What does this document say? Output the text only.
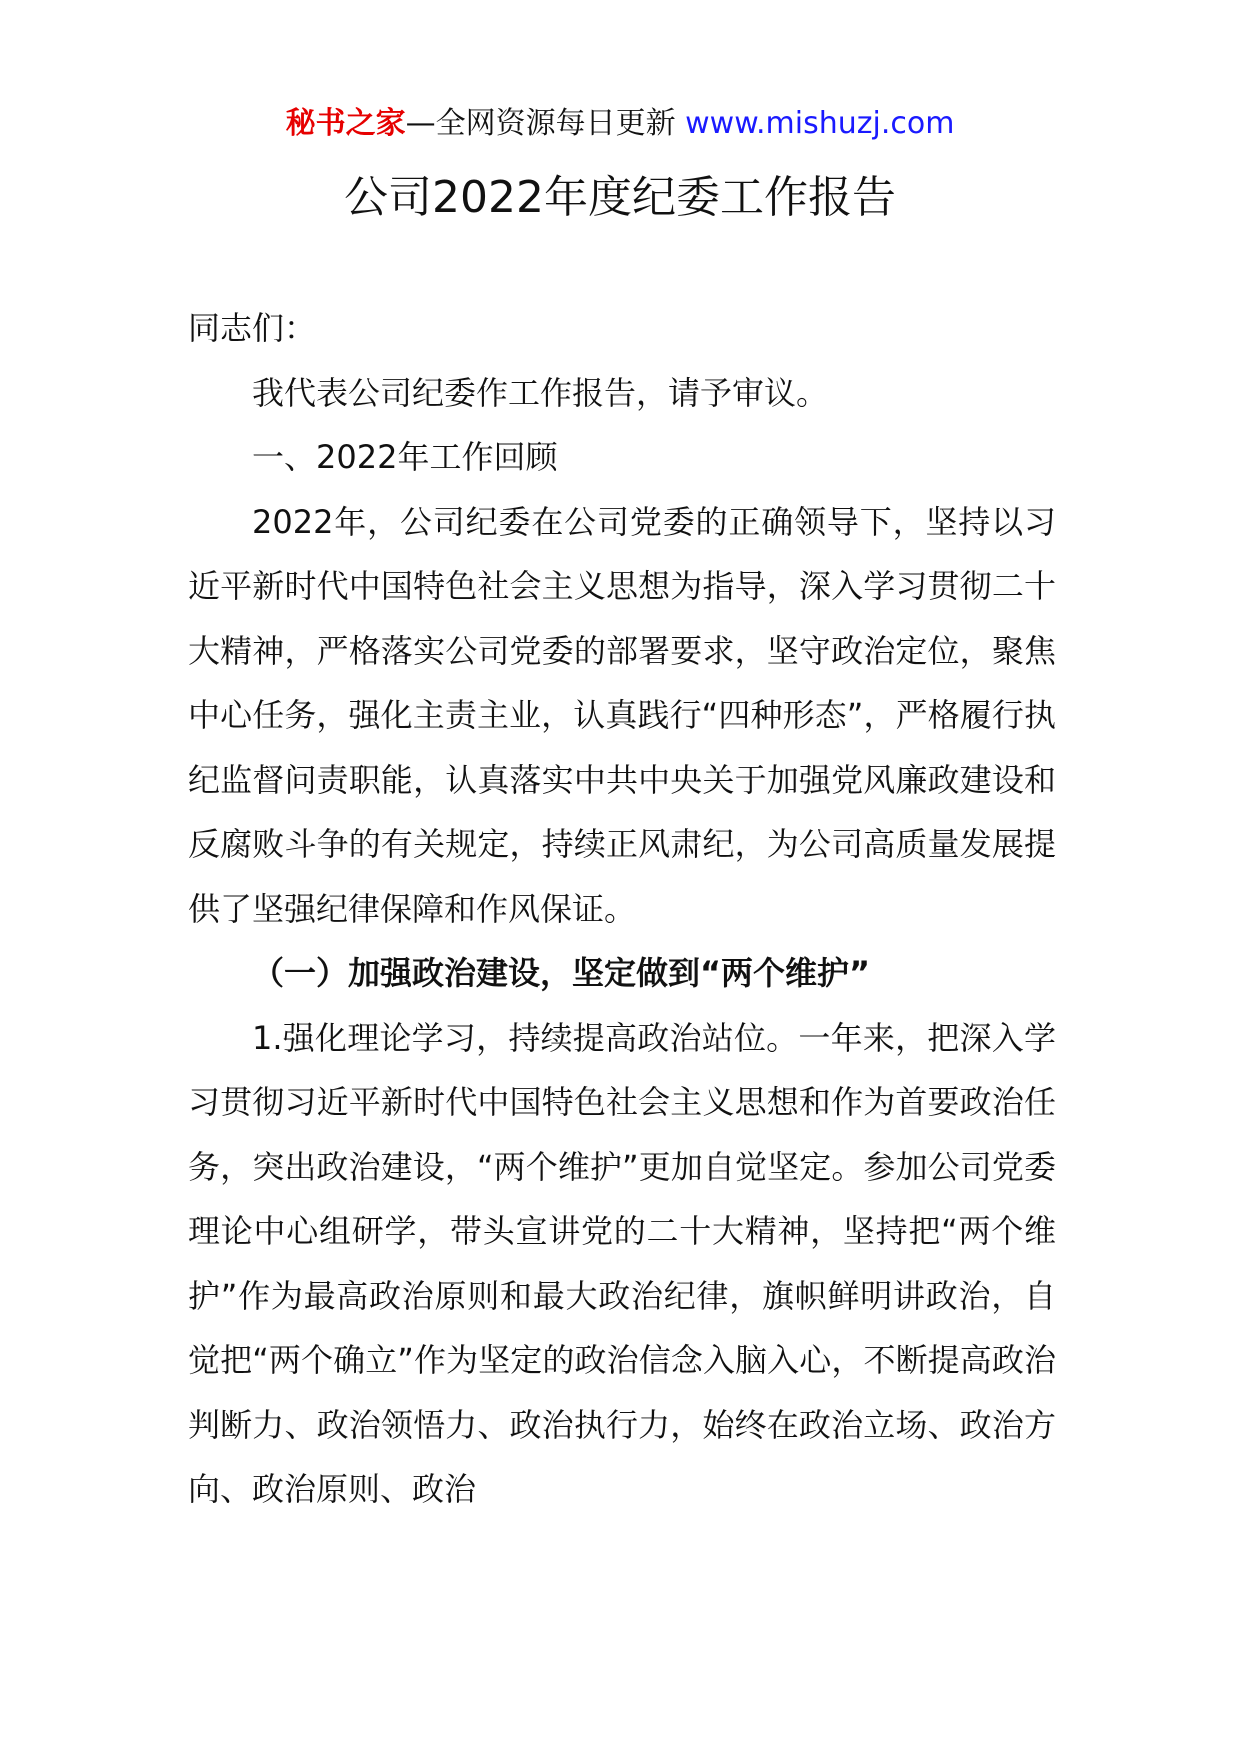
秘书之家—全网资源每日更新 www.mishuzj.com
公司2022年度纪委工作报告

同志们：

我代表公司纪委作工作报告，请予审议。

一、2022年工作回顾

2022年，公司纪委在公司党委的正确领导下，坚持以习近平新时代中国特色社会主义思想为指导，深入学习贯彻二十大精神，严格落实公司党委的部署要求，坚守政治定位，聚焦中心任务，强化主责主业，认真践行“四种形态”，严格履行执纪监督问责职能，认真落实中共中央关于加强党风廉政建设和反腐败斗争的有关规定，持续正风肃纪，为公司高质量发展提供了坚强纪律保障和作风保证。

（一）加强政治建设，坚定做到“两个维护”

1.强化理论学习，持续提高政治站位。一年来，把深入学习贯彻习近平新时代中国特色社会主义思想和作为首要政治任务，突出政治建设，“两个维护”更加自觉坚定。参加公司党委理论中心组研学，带头宣讲党的二十大精神，坚持把“两个维护”作为最高政治原则和最大政治纪律，旗帜鲜明讲政治，自觉把“两个确立”作为坚定的政治信念入脑入心，不断提高政治判断力、政治领悟力、政治执行力，始终在政治立场、政治方向、政治原则、政治
